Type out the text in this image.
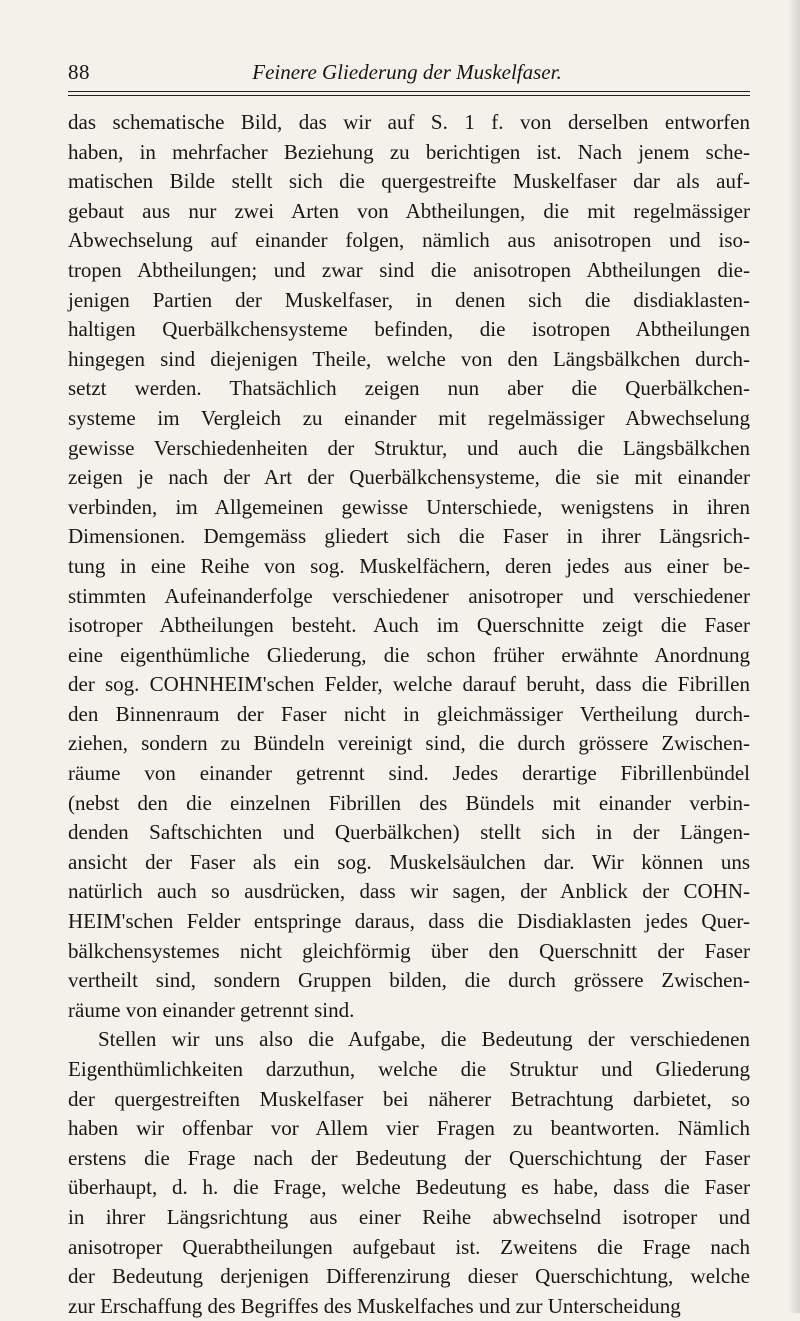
88	Feinere Gliederung der Muskelfaser.
das schematische Bild, das wir auf S. 1 f. von derselben entworfen
haben, in mehrfacher Beziehung zu berichtigen ist. Nach jenem sche-
matischen Bilde stellt sich die quergestreifte Muskelfaser dar als auf-
gebaut aus nur zwei Arten von Abtheilungen, die mit regelmässiger
Abwechselung auf einander folgen, nämlich aus anisotropen und iso-
tropen Abtheilungen; und zwar sind die anisotropen Abtheilungen die-
jenigen Partien der Muskelfaser, in denen sich die disdiaklasten-
haltigen Querbälkchensysteme befinden, die isotropen Abtheilungen
hingegen sind diejenigen Theile, welche von den Längsbälkchen durch-
setzt werden. Thatsächlich zeigen nun aber die Querbälkchen-
systeme im Vergleich zu einander mit regelmässiger Abwechselung
gewisse Verschiedenheiten der Struktur, und auch die Längsbälkchen
zeigen je nach der Art der Querbälkchensysteme, die sie mit einander
verbinden, im Allgemeinen gewisse Unterschiede, wenigstens in ihren
Dimensionen. Demgemäss gliedert sich die Faser in ihrer Längsrich-
tung in eine Reihe von sog. Muskelfächern, deren jedes aus einer be-
stimmten Aufeinanderfolge verschiedener anisotroper und verschiedener
isotroper Abtheilungen besteht. Auch im Querschnitte zeigt die Faser
eine eigenthümliche Gliederung, die schon früher erwähnte Anordnung
der sog. COHNHEIM'schen Felder, welche darauf beruht, dass die Fibrillen
den Binnenraum der Faser nicht in gleichmässiger Vertheilung durch-
ziehen, sondern zu Bündeln vereinigt sind, die durch grössere Zwischen-
räume von einander getrennt sind. Jedes derartige Fibrillenbündel
(nebst den die einzelnen Fibrillen des Bündels mit einander verbin-
denden Saftschichten und Querbälkchen) stellt sich in der Längen-
ansicht der Faser als ein sog. Muskelsäulchen dar. Wir können uns
natürlich auch so ausdrücken, dass wir sagen, der Anblick der COHN-
HEIM'schen Felder entspringe daraus, dass die Disdiaklasten jedes Quer-
bälkchensystemes nicht gleichförmig über den Querschnitt der Faser
vertheilt sind, sondern Gruppen bilden, die durch grössere Zwischen-
räume von einander getrennt sind.
Stellen wir uns also die Aufgabe, die Bedeutung der verschiedenen
Eigenthümlichkeiten darzuthun, welche die Struktur und Gliederung
der quergestreiften Muskelfaser bei näherer Betrachtung darbietet, so
haben wir offenbar vor Allem vier Fragen zu beantworten. Nämlich
erstens die Frage nach der Bedeutung der Querschichtung der Faser
überhaupt, d. h. die Frage, welche Bedeutung es habe, dass die Faser
in ihrer Längsrichtung aus einer Reihe abwechselnd isotroper und
anisotroper Querabtheilungen aufgebaut ist. Zweitens die Frage nach
der Bedeutung derjenigen Differenzirung dieser Querschichtung, welche
zur Erschaffung des Begriffes des Muskelfaches und zur Unterscheidung
